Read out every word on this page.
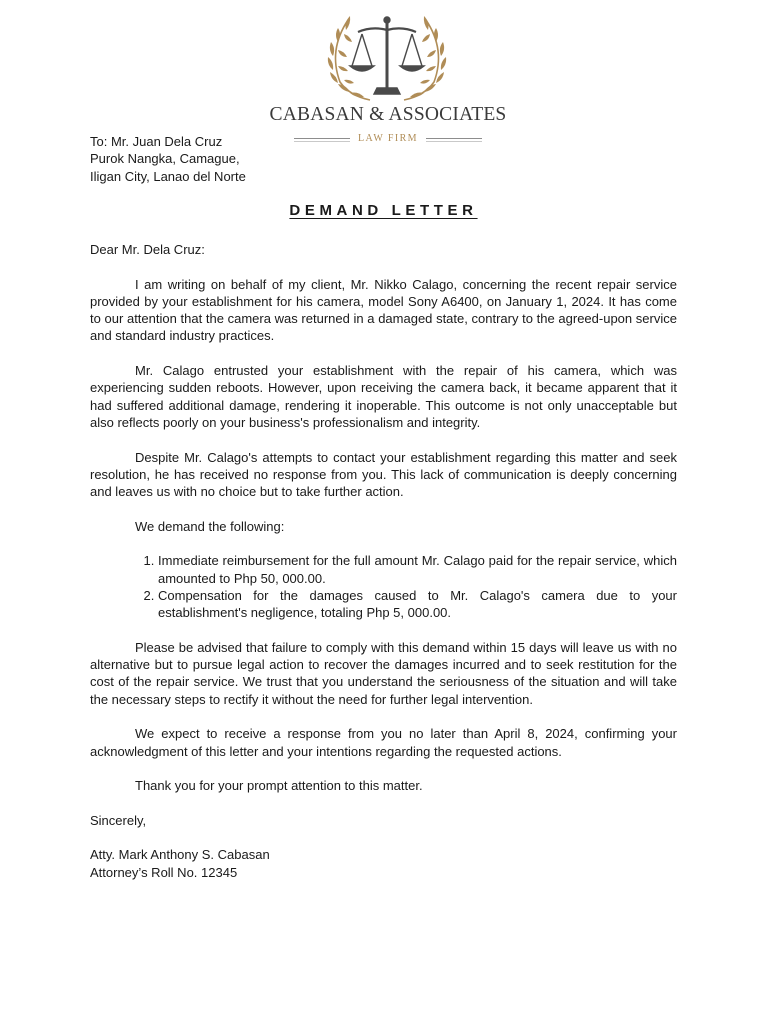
CABASAN & ASSOCIATES
LAW FIRM
To: Mr. Juan Dela Cruz
Purok Nangka, Camague,
Iligan City, Lanao del Norte
DEMAND LETTER
Dear Mr. Dela Cruz:

I am writing on behalf of my client, Mr. Nikko Calago, concerning the recent repair service provided by your establishment for his camera, model Sony A6400, on January 1, 2024. It has come to our attention that the camera was returned in a damaged state, contrary to the agreed-upon service and standard industry practices.

Mr. Calago entrusted your establishment with the repair of his camera, which was experiencing sudden reboots. However, upon receiving the camera back, it became apparent that it had suffered additional damage, rendering it inoperable. This outcome is not only unacceptable but also reflects poorly on your business's professionalism and integrity.

Despite Mr. Calago's attempts to contact your establishment regarding this matter and seek resolution, he has received no response from you. This lack of communication is deeply concerning and leaves us with no choice but to take further action.

We demand the following:

1. Immediate reimbursement for the full amount Mr. Calago paid for the repair service, which amounted to Php 50, 000.00.
2. Compensation for the damages caused to Mr. Calago's camera due to your establishment's negligence, totaling Php 5, 000.00.

Please be advised that failure to comply with this demand within 15 days will leave us with no alternative but to pursue legal action to recover the damages incurred and to seek restitution for the cost of the repair service. We trust that you understand the seriousness of the situation and will take the necessary steps to rectify it without the need for further legal intervention.

We expect to receive a response from you no later than April 8, 2024, confirming your acknowledgment of this letter and your intentions regarding the requested actions.

Thank you for your prompt attention to this matter.

Sincerely,
Atty. Mark Anthony S. Cabasan
Attorney’s Roll No. 12345
